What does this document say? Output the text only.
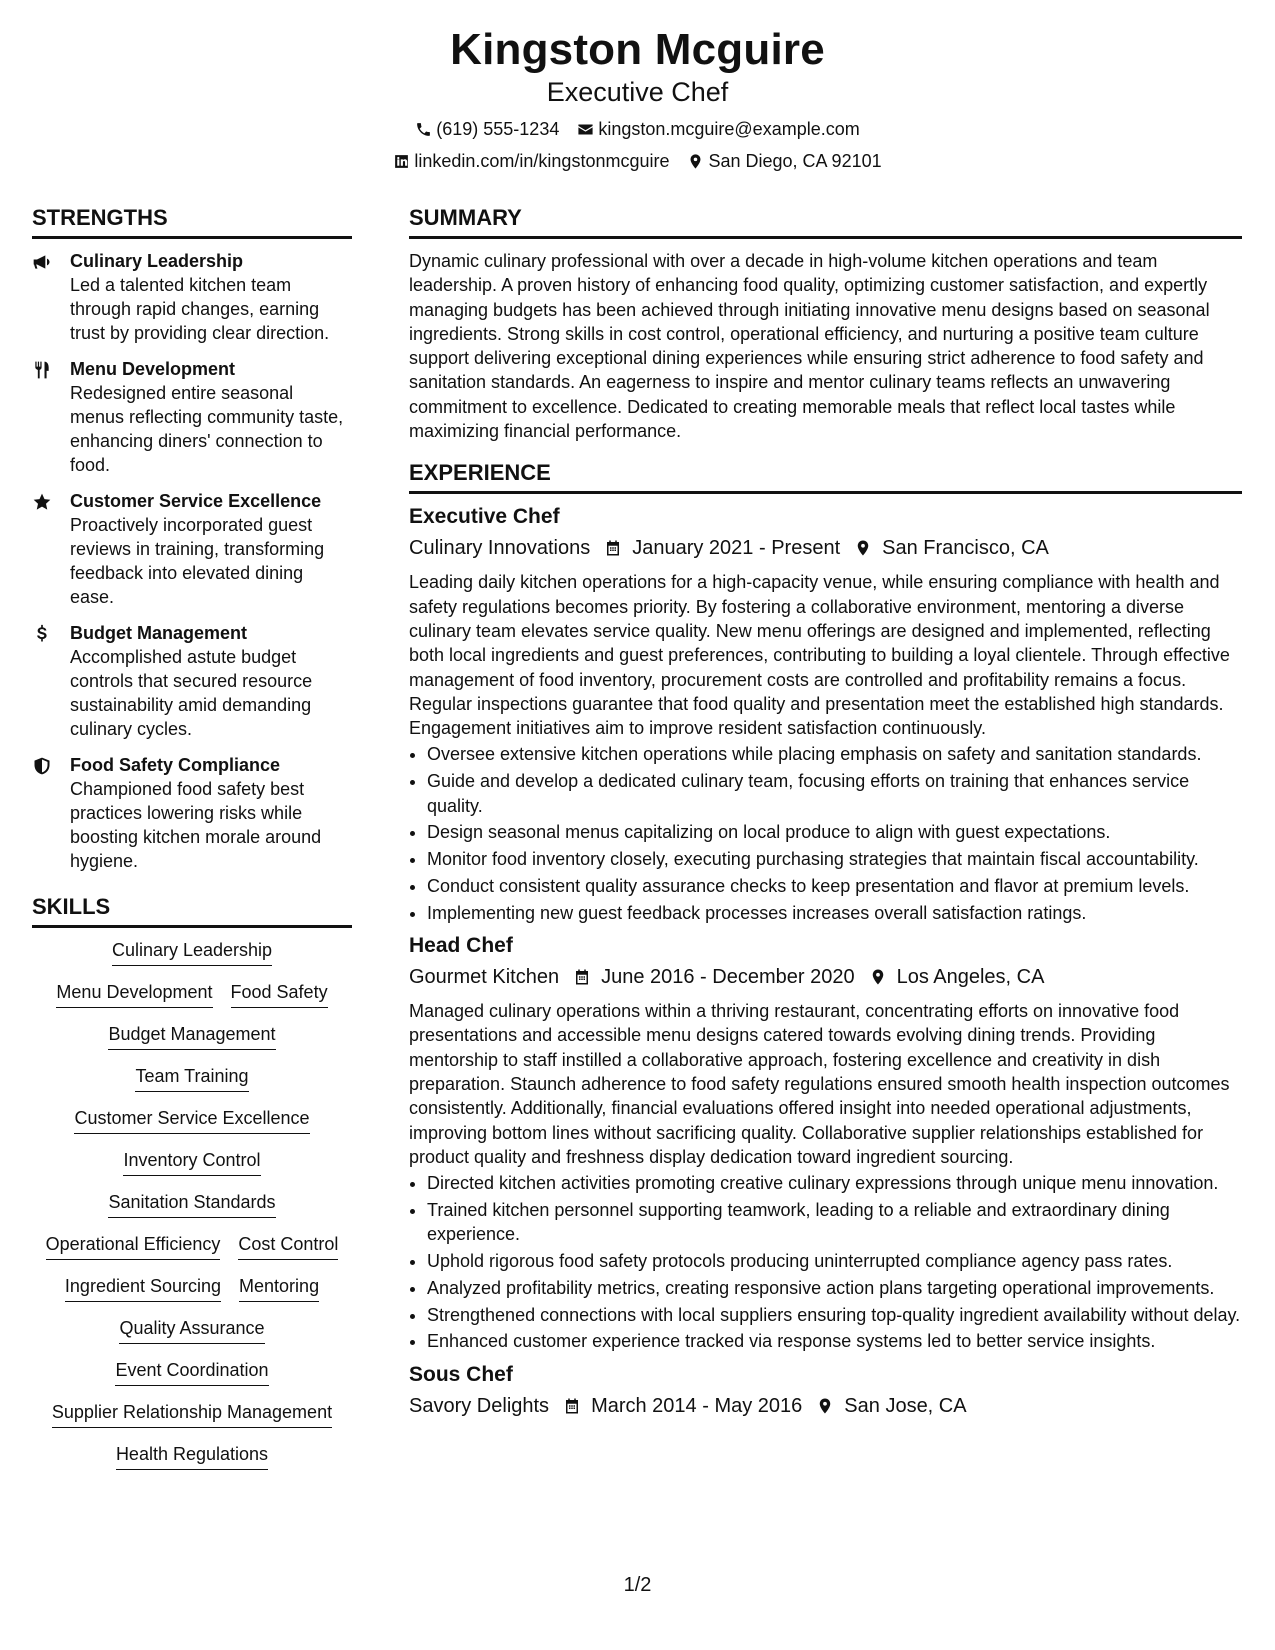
Kingston Mcguire
Executive Chef
(619) 555-1234 kingston.mcguire@example.com
linkedin.com/in/kingstonmcguire San Diego, CA 92101
STRENGTHS
Culinary Leadership
Led a talented kitchen team through rapid changes, earning trust by providing clear direction.
Menu Development
Redesigned entire seasonal menus reflecting community taste, enhancing diners' connection to food.
Customer Service Excellence
Proactively incorporated guest reviews in training, transforming feedback into elevated dining ease.
Budget Management
Accomplished astute budget controls that secured resource sustainability amid demanding culinary cycles.
Food Safety Compliance
Championed food safety best practices lowering risks while boosting kitchen morale around hygiene.
SKILLS
Culinary Leadership
Menu Development Food Safety
Budget Management
Team Training
Customer Service Excellence
Inventory Control
Sanitation Standards
Operational Efficiency Cost Control
Ingredient Sourcing Mentoring
Quality Assurance
Event Coordination
Supplier Relationship Management
Health Regulations
SUMMARY

Dynamic culinary professional with over a decade in high-volume kitchen operations and team leadership. A proven history of enhancing food quality, optimizing customer satisfaction, and expertly managing budgets has been achieved through initiating innovative menu designs based on seasonal ingredients. Strong skills in cost control, operational efficiency, and nurturing a positive team culture support delivering exceptional dining experiences while ensuring strict adherence to food safety and sanitation standards. An eagerness to inspire and mentor culinary teams reflects an unwavering commitment to excellence. Dedicated to creating memorable meals that reflect local tastes while maximizing financial performance.

EXPERIENCE
Executive Chef
Culinary Innovations January 2021 - Present San Francisco, CA

Leading daily kitchen operations for a high-capacity venue, while ensuring compliance with health and safety regulations becomes priority. By fostering a collaborative environment, mentoring a diverse culinary team elevates service quality. New menu offerings are designed and implemented, reflecting both local ingredients and guest preferences, contributing to building a loyal clientele. Through effective management of food inventory, procurement costs are controlled and profitability remains a focus. Regular inspections guarantee that food quality and presentation meet the established high standards. Engagement initiatives aim to improve resident satisfaction continuously.

• Oversee extensive kitchen operations while placing emphasis on safety and sanitation standards.
• Guide and develop a dedicated culinary team, focusing efforts on training that enhances service quality.
• Design seasonal menus capitalizing on local produce to align with guest expectations.
• Monitor food inventory closely, executing purchasing strategies that maintain fiscal accountability.
• Conduct consistent quality assurance checks to keep presentation and flavor at premium levels.
• Implementing new guest feedback processes increases overall satisfaction ratings.
Head Chef
Gourmet Kitchen June 2016 - December 2020 Los Angeles, CA

Managed culinary operations within a thriving restaurant, concentrating efforts on innovative food presentations and accessible menu designs catered towards evolving dining trends. Providing mentorship to staff instilled a collaborative approach, fostering excellence and creativity in dish preparation. Staunch adherence to food safety regulations ensured smooth health inspection outcomes consistently. Additionally, financial evaluations offered insight into needed operational adjustments, improving bottom lines without sacrificing quality. Collaborative supplier relationships established for product quality and freshness display dedication toward ingredient sourcing.

• Directed kitchen activities promoting creative culinary expressions through unique menu innovation.
• Trained kitchen personnel supporting teamwork, leading to a reliable and extraordinary dining experience.
• Uphold rigorous food safety protocols producing uninterrupted compliance agency pass rates.
• Analyzed profitability metrics, creating responsive action plans targeting operational improvements.
• Strengthened connections with local suppliers ensuring top-quality ingredient availability without delay.
• Enhanced customer experience tracked via response systems led to better service insights.
Sous Chef
Savory Delights March 2014 - May 2016 San Jose, CA
1/2
